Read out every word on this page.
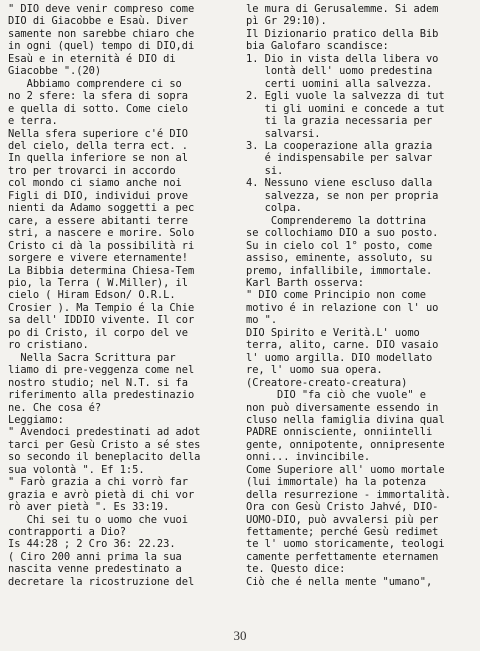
" DIO deve venir compreso come
DIO di Giacobbe e Esaù. Diver
samente non sarebbe chiaro che
in ogni (quel) tempo di DIO,di
Esaù e in eternità é DIO di
Giacobbe ".(20)
Abbiamo comprendere ci so
no 2 sfere: la sfera di sopra
e quella di sotto. Come cielo
e terra.
Nella sfera superiore c'é DIO
del cielo, della terra ect. .
In quella inferiore se non al
tro per trovarci in accordo
col mondo ci siamo anche noi
Figli di DIO, individui prove
nienti da Adamo soggetti a pec
care, a essere abitanti terre
stri, a nascere e morire. Solo
Cristo ci dà la possibilità ri
sorgere e vivere eternamente!
La Bibbia determina Chiesa-Tem
pio, la Terra ( W.Miller), il
cielo ( Hiram Edson/ O.R.L.
Crosier ). Ma Tempio é la Chie
sa dell' IDDIO vivente. Il cor
po di Cristo, il corpo del ve
ro cristiano.
Nella Sacra Scrittura par
liamo di pre-veggenza come nel
nostro studio; nel N.T. si fa
riferimento alla predestinazio
ne. Che cosa é?
Leggiamo:
" Avendoci predestinati ad adot
tarci per Gesù Cristo a sé stes
so secondo il beneplacito della
sua volontà ". Ef 1:5.
" Farò grazia a chi vorrò far
grazia e avrò pietà di chi vor
rò aver pietà ". Es 33:19.
Chi sei tu o uomo che vuoi
contrapporti a Dio?
Is 44:28 ; 2 Cro 36: 22.23.
( Ciro 200 anni prima la sua
nascita venne predestinato a
decretare la ricostruzione del
le mura di Gerusalemme. Si adem
pì Gr 29:10).
Il Dizionario pratico della Bib
bia Galofaro scandisce:
1. Dio in vista della libera vo
lontà dell' uomo predestina
certi uomini alla salvezza.
2. Egli vuole la salvezza di tut
ti gli uomini e concede a tut
ti la grazia necessaria per
salvarsi.
3. La cooperazione alla grazia
é indispensabile per salvar
si.
4. Nessuno viene escluso dalla
salvezza, se non per propria
colpa.
Comprenderemo la dottrina
se collochiamo DIO a suo posto.
Su in cielo col 1° posto, come
assiso, eminente, assoluto, su
premo, infallibile, immortale.
Karl Barth osserva:
" DIO come Principio non come
motivo é in relazione con l' uo
mo ".
DIO Spirito e Verità.L' uomo
terra, alito, carne. DIO vasaio
l' uomo argilla. DIO modellato
re, l' uomo sua opera.
(Creatore-creato-creatura)
DIO "fa ciò che vuole" e
non può diversamente essendo in
cluso nella famiglia divina qual
PADRE onnisciente, onniintelli
gente, onnipotente, onnipresente
onni... invincibile.
Come Superiore all' uomo mortale
(lui immortale) ha la potenza
della resurrezione - immortalità.
Ora con Gesù Cristo Jahvé, DIO-
UOMO-DIO, può avvalersi più per
fettamente; perché Gesù redimet
te l' uomo storicamente, teologi
camente perfettamente eternamen
te. Questo dice:
Ciò che é nella mente "umano",
30
